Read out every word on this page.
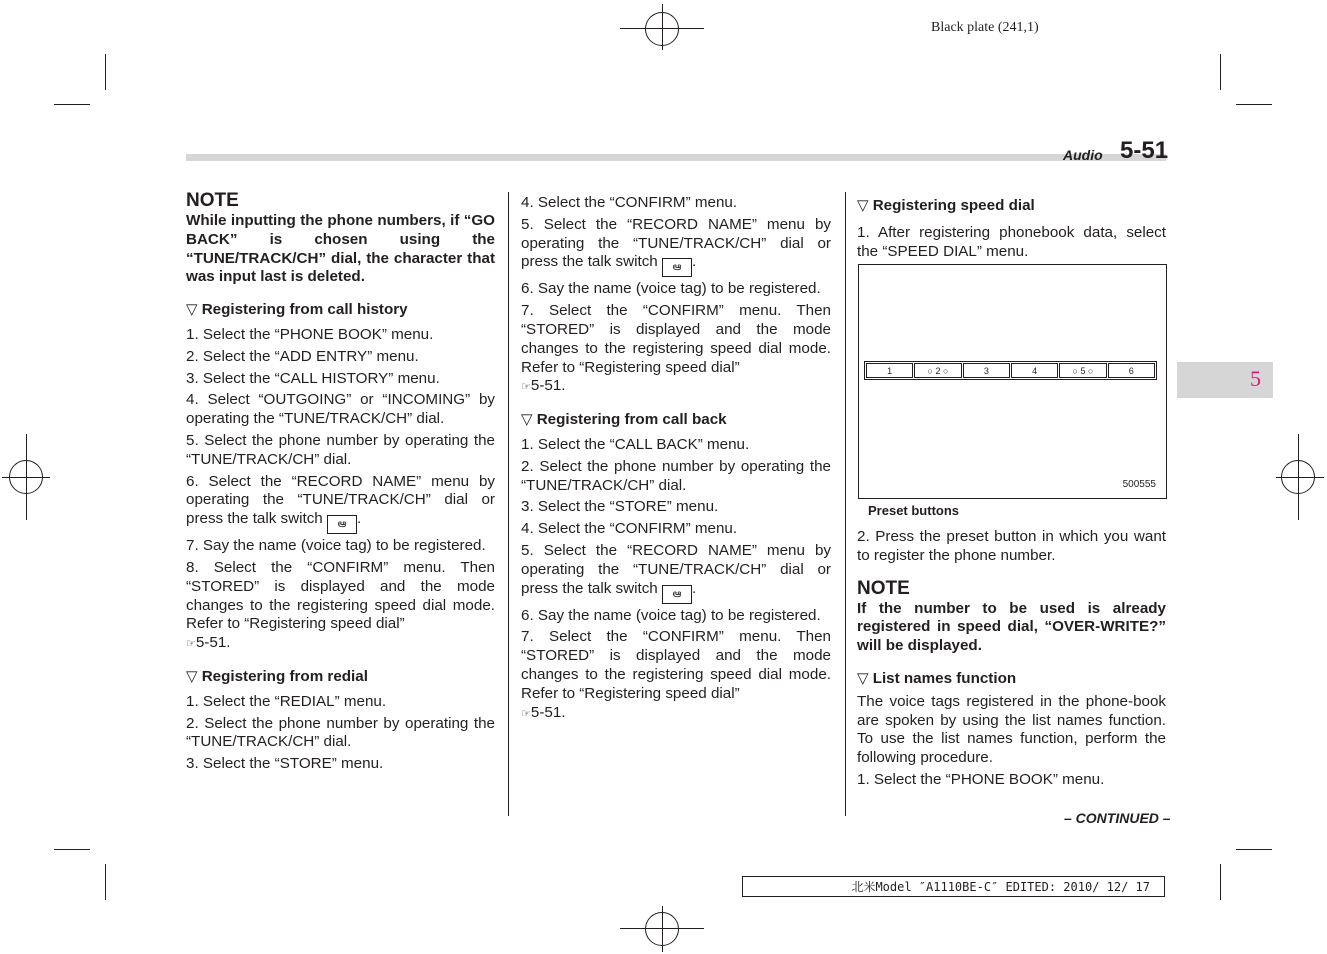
Black plate (241,1)
Audio 5-51
5

NOTE

While inputting the phone numbers, if “GO BACK” is chosen using the “TUNE/TRACK/CH” dial, the character that was input last is deleted.

▽ Registering from call history

1. Select the “PHONE BOOK” menu.

2. Select the “ADD ENTRY” menu.

3. Select the “CALL HISTORY” menu.

4. Select “OUTGOING” or “INCOMING” by operating the “TUNE/TRACK/CH” dial.

5. Select the phone number by operating the “TUNE/TRACK/CH” dial.

6. Select the “RECORD NAME” menu by operating the “TUNE/TRACK/CH” dial or press the talk switch ఆ .

7. Say the name (voice tag) to be registered.

8. Select the “CONFIRM” menu. Then “STORED” is displayed and the mode changes to the registering speed dial mode. Refer to “Registering speed dial”

☞5-51.

▽ Registering from redial

1. Select the “REDIAL” menu.

2. Select the phone number by operating the “TUNE/TRACK/CH” dial.

3. Select the “STORE” menu.

4. Select the “CONFIRM” menu.

5. Select the “RECORD NAME” menu by operating the “TUNE/TRACK/CH” dial or press the talk switch ఆ .

6. Say the name (voice tag) to be registered.

7. Select the “CONFIRM” menu. Then “STORED” is displayed and the mode changes to the registering speed dial mode. Refer to “Registering speed dial”

☞5-51.

▽ Registering from call back

1. Select the “CALL BACK” menu.

2. Select the phone number by operating the “TUNE/TRACK/CH” dial.

3. Select the “STORE” menu.

4. Select the “CONFIRM” menu.

5. Select the “RECORD NAME” menu by operating the “TUNE/TRACK/CH” dial or press the talk switch ఆ .

6. Say the name (voice tag) to be registered.

7. Select the “CONFIRM” menu. Then “STORED” is displayed and the mode changes to the registering speed dial mode. Refer to “Registering speed dial”

☞5-51.

▽ Registering speed dial

1. After registering phonebook data, select the “SPEED DIAL” menu.

1	○ 2 ○	3	4	○ 5 ○	6
500555
Preset buttons

2. Press the preset button in which you want to register the phone number.

NOTE

If the number to be used is already registered in speed dial, “OVER-WRITE?” will be displayed.

▽ List names function

The voice tags registered in the phone-book are spoken by using the list names function. To use the list names function, perform the following procedure.

1. Select the “PHONE BOOK” menu.

– CONTINUED –
北米Model ″A1110BE-C″ EDITED: 2010/ 12/ 17
